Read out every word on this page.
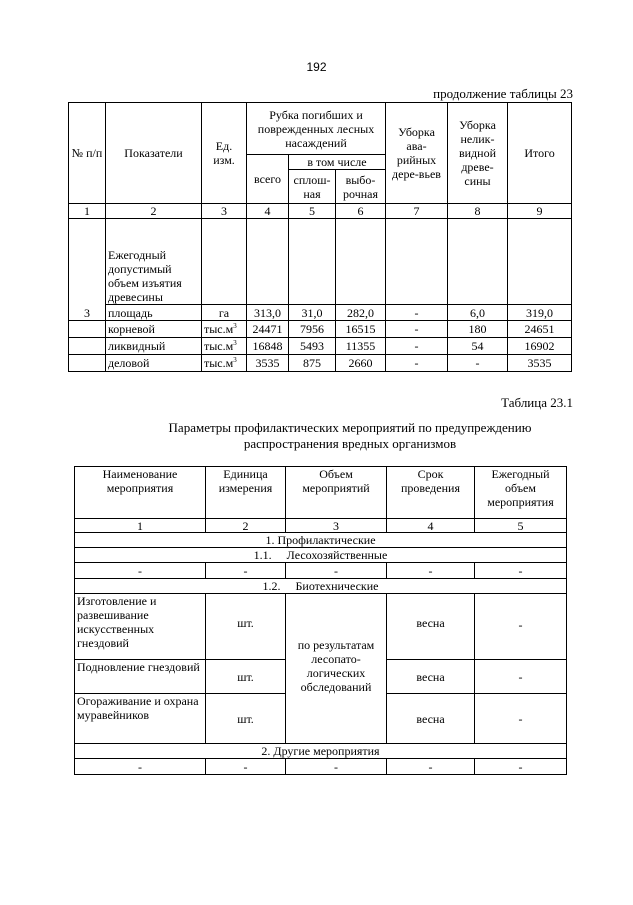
192
продолжение таблицы 23
№ п/п	Показатели	Ед. изм.	Рубка погибших и поврежденных лесных насаждений			Уборка ава-рийных дере-вьев	Уборка нелик-видной древе-сины	Итого
			всего	в том числе				
				сплош-ная	выбо-рочная			
1	2	3	4	5	6	7	8	9
3	Ежегодный допустимый объем изъятия древесины							
	площадь	га	313,0	31,0	282,0	-	6,0	319,0
	корневой	$тыс.м^3$	24471	7956	16515	-	180	24651
	ликвидный	$тыс.м^3$	16848	5493	11355	-	54	16902
	деловой	$тыс.м^3$	3535	875	2660	-	-	3535
Таблица 23.1
Параметры профилактических мероприятий по предупреждению
распространения вредных организмов
Наименование мероприятия	Единица измерения	Объем мероприятий	Срок проведения	Ежегодный объем мероприятия
1	2	3	4	5
1. Профилактические				
1.1. Лесохозяйственные				
-	-	-	-	-
1.2. Биотехнические				
Изготовление и развешивание искусственных гнездовий	шт.	по результатам лесопато-логических обследований	весна	-
Подновление гнездовий	шт.		весна	-
Огораживание и охрана муравейников	шт.		весна	-
2. Другие мероприятия				
-	-	-	-	-
